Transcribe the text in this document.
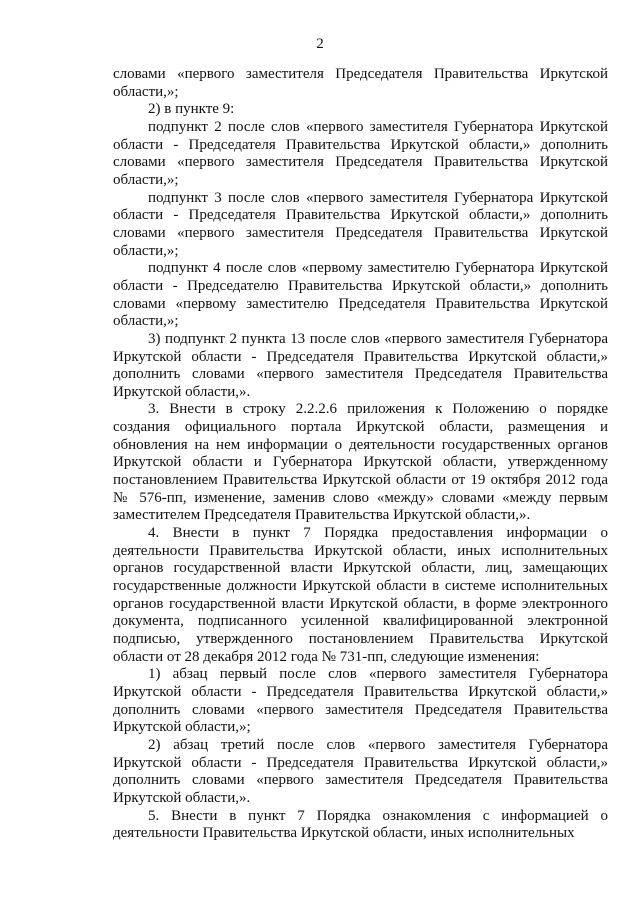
2

словами «первого заместителя Председателя Правительства Иркутской области,»;

2) в пункте 9:

подпункт 2 после слов «первого заместителя Губернатора Иркутской области - Председателя Правительства Иркутской области,» дополнить словами «первого заместителя Председателя Правительства Иркутской области,»;

подпункт 3 после слов «первого заместителя Губернатора Иркутской области - Председателя Правительства Иркутской области,» дополнить словами «первого заместителя Председателя Правительства Иркутской области,»;

подпункт 4 после слов «первому заместителю Губернатора Иркутской области - Председателю Правительства Иркутской области,» дополнить словами «первому заместителю Председателя Правительства Иркутской области,»;

3) подпункт 2 пункта 13 после слов «первого заместителя Губернатора Иркутской области - Председателя Правительства Иркутской области,» дополнить словами «первого заместителя Председателя Правительства Иркутской области,».

3. Внести в строку 2.2.2.6 приложения к Положению о порядке создания официального портала Иркутской области, размещения и обновления на нем информации о деятельности государственных органов Иркутской области и Губернатора Иркутской области, утвержденному постановлением Правительства Иркутской области от 19 октября 2012 года № 576-пп, изменение, заменив слово «между» словами «между первым заместителем Председателя Правительства Иркутской области,».

4. Внести в пункт 7 Порядка предоставления информации о деятельности Правительства Иркутской области, иных исполнительных органов государственной власти Иркутской области, лиц, замещающих государственные должности Иркутской области в системе исполнительных органов государственной власти Иркутской области, в форме электронного документа, подписанного усиленной квалифицированной электронной подписью, утвержденного постановлением Правительства Иркутской области от 28 декабря 2012 года № 731-пп, следующие изменения:

1) абзац первый после слов «первого заместителя Губернатора Иркутской области - Председателя Правительства Иркутской области,» дополнить словами «первого заместителя Председателя Правительства Иркутской области,»;

2) абзац третий после слов «первого заместителя Губернатора Иркутской области - Председателя Правительства Иркутской области,» дополнить словами «первого заместителя Председателя Правительства Иркутской области,».

5. Внести в пункт 7 Порядка ознакомления с информацией о деятельности Правительства Иркутской области, иных исполнительных
